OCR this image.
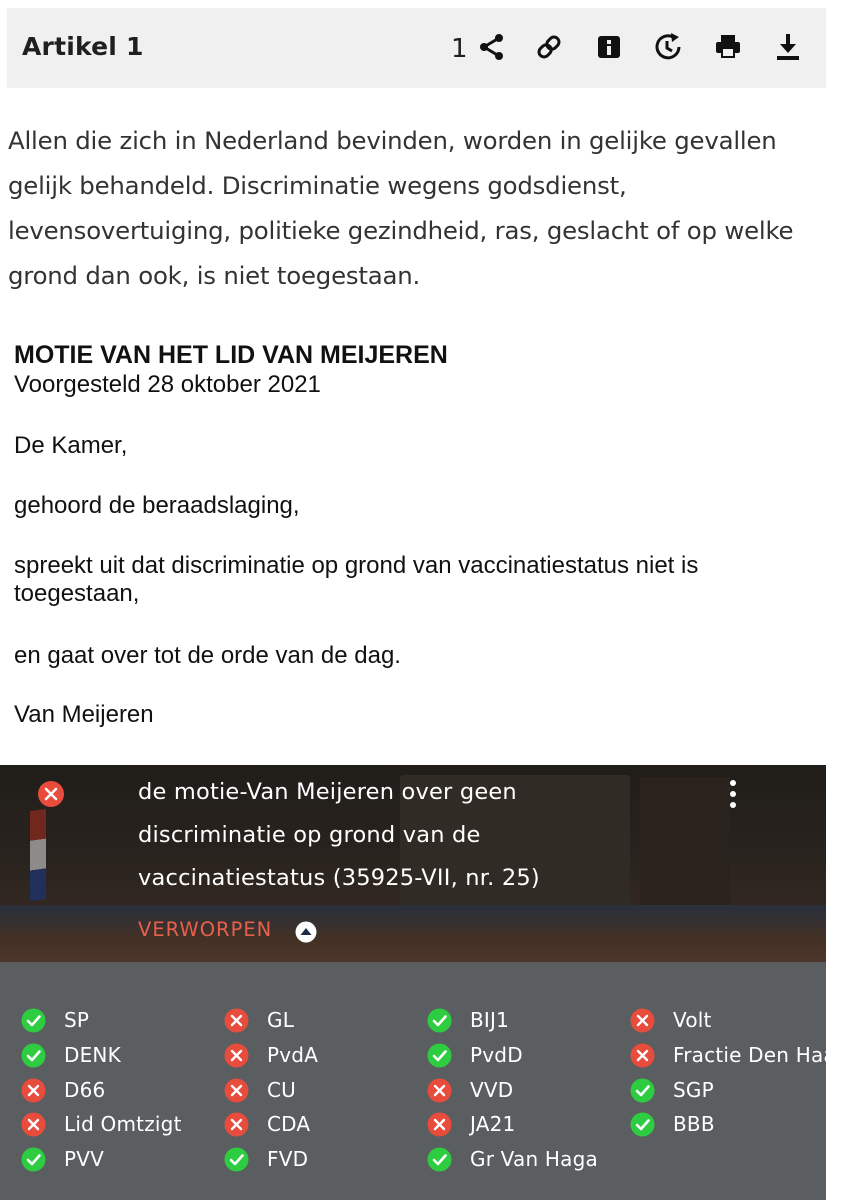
Artikel 1	1
Allen die zich in Nederland bevinden, worden in gelijke gevallen
gelijk behandeld. Discriminatie wegens godsdienst,
levensovertuiging, politieke gezindheid, ras, geslacht of op welke
grond dan ook, is niet toegestaan.
MOTIE VAN HET LID VAN MEIJEREN
Voorgesteld 28 oktober 2021

De Kamer,

gehoord de beraadslaging,

spreekt uit dat discriminatie op grond van vaccinatiestatus niet is

toegestaan,

en gaat over tot de orde van de dag.

Van Meijeren

de motie-Van Meijeren over geen
discriminatie op grond van de
vaccinatiestatus (35925-VII, nr. 25)
VERWORPEN
SP
DENK
D66
Lid Omtzigt
PVV
GL
PvdA
CU
CDA
FVD
BIJ1
PvdD
VVD
JA21
Gr Van Haga
Volt
Fractie Den Haan
SGP
BBB
